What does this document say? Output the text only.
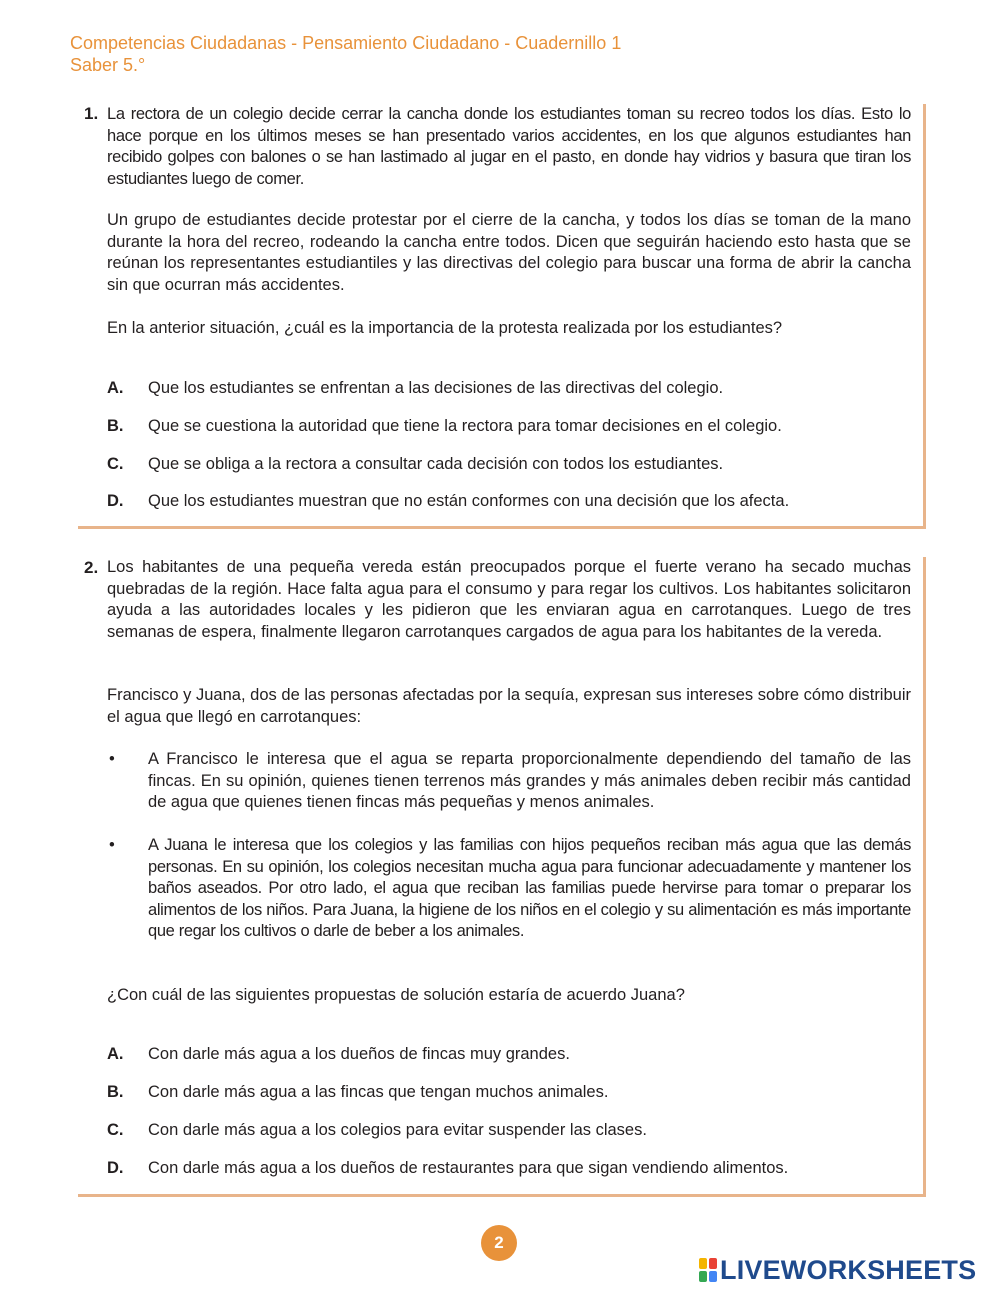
Competencias Ciudadanas - Pensamiento Ciudadano - Cuadernillo 1
Saber 5.°
1. La rectora de un colegio decide cerrar la cancha donde los estudiantes toman su recreo todos los días. Esto lo hace porque en los últimos meses se han presentado varios accidentes, en los que algunos estudiantes han recibido golpes con balones o se han lastimado al jugar en el pasto, en donde hay vidrios y basura que tiran los estudiantes luego de comer.

Un grupo de estudiantes decide protestar por el cierre de la cancha, y todos los días se toman de la mano durante la hora del recreo, rodeando la cancha entre todos. Dicen que seguirán haciendo esto hasta que se reúnan los representantes estudiantiles y las directivas del colegio para buscar una forma de abrir la cancha sin que ocurran más accidentes.

En la anterior situación, ¿cuál es la importancia de la protesta realizada por los estudiantes?

A. Que los estudiantes se enfrentan a las decisiones de las directivas del colegio.
B. Que se cuestiona la autoridad que tiene la rectora para tomar decisiones en el colegio.
C. Que se obliga a la rectora a consultar cada decisión con todos los estudiantes.
D. Que los estudiantes muestran que no están conformes con una decisión que los afecta.
2. Los habitantes de una pequeña vereda están preocupados porque el fuerte verano ha secado muchas quebradas de la región. Hace falta agua para el consumo y para regar los cultivos. Los habitantes solicitaron ayuda a las autoridades locales y les pidieron que les enviaran agua en carrotanques. Luego de tres semanas de espera, finalmente llegaron carrotanques cargados de agua para los habitantes de la vereda.

Francisco y Juana, dos de las personas afectadas por la sequía, expresan sus intereses sobre cómo distribuir el agua que llegó en carrotanques:

• A Francisco le interesa que el agua se reparta proporcionalmente dependiendo del tamaño de las fincas. En su opinión, quienes tienen terrenos más grandes y más animales deben recibir más cantidad de agua que quienes tienen fincas más pequeñas y menos animales.
• A Juana le interesa que los colegios y las familias con hijos pequeños reciban más agua que las demás personas. En su opinión, los colegios necesitan mucha agua para funcionar adecuadamente y mantener los baños aseados. Por otro lado, el agua que reciban las familias puede hervirse para tomar o preparar los alimentos de los niños. Para Juana, la higiene de los niños en el colegio y su alimentación es más importante que regar los cultivos o darle de beber a los animales.

¿Con cuál de las siguientes propuestas de solución estaría de acuerdo Juana?

A. Con darle más agua a los dueños de fincas muy grandes.
B. Con darle más agua a las fincas que tengan muchos animales.
C. Con darle más agua a los colegios para evitar suspender las clases.
D. Con darle más agua a los dueños de restaurantes para que sigan vendiendo alimentos.
2
LIVEWORKSHEETS
